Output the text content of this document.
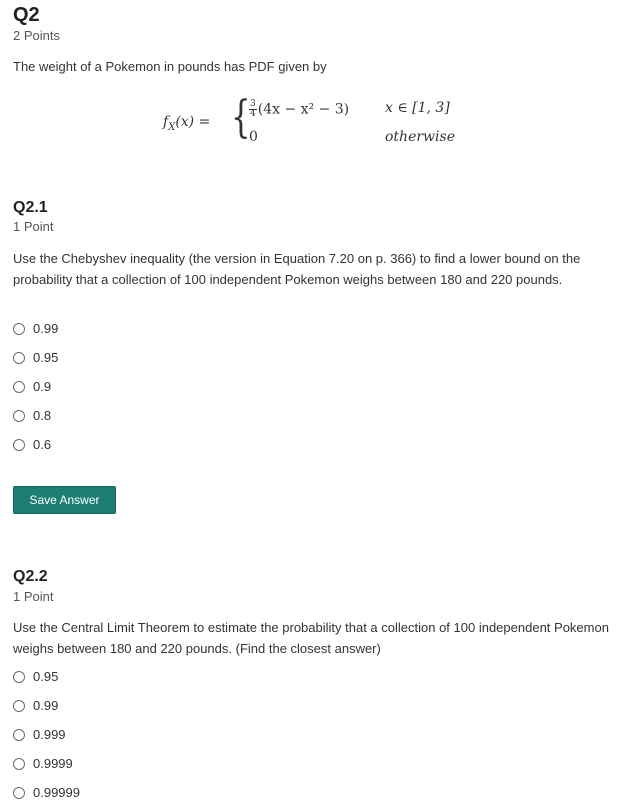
Q2
2 Points
The weight of a Pokemon in pounds has PDF given by
$f_X(x)$ = {
$\frac{3}{4} (4x - x^2 - 3)$
0
x ∈ [1, 3]
otherwise
Q2.1
1 Point
Use the Chebyshev inequality (the version in Equation 7.20 on p. 366) to find a lower bound on the probability that a collection of 100 independent Pokemon weighs between 180 and 220 pounds.
0.99
0.95
0.9
0.8
0.6
Save Answer
Q2.2
1 Point
Use the Central Limit Theorem to estimate the probability that a collection of 100 independent Pokemon weighs between 180 and 220 pounds. (Find the closest answer)
0.95
0.99
0.999
0.9999
0.99999
